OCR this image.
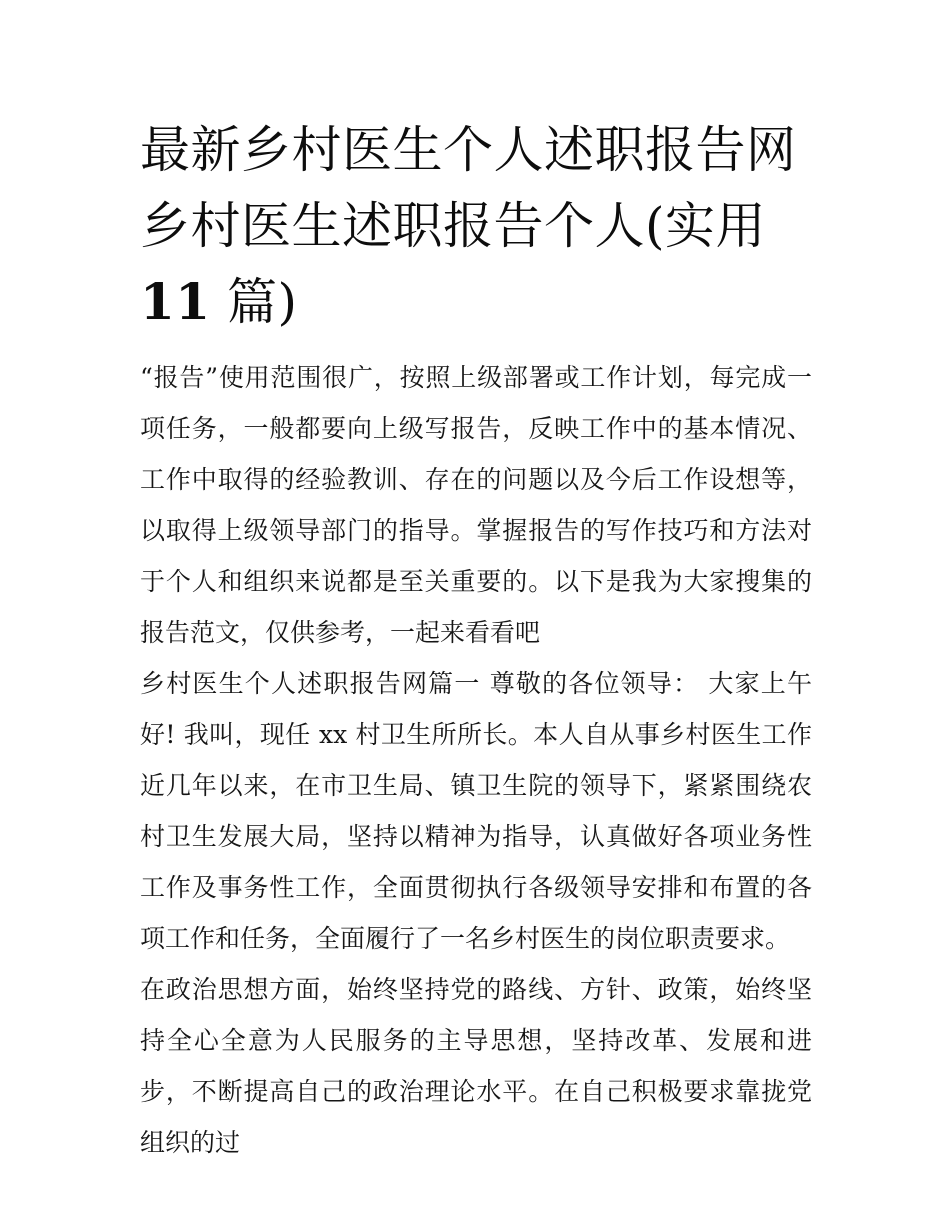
最新乡村医生个人述职报告网
乡村医生述职报告个人(实用
11 篇)

“报告”使用范围很广，按照上级部署或工作计划，每完成一项任务，一般都要向上级写报告，反映工作中的基本情况、工作中取得的经验教训、存在的问题以及今后工作设想等，以取得上级领导部门的指导。掌握报告的写作技巧和方法对于个人和组织来说都是至关重要的。以下是我为大家搜集的报告范文，仅供参考，一起来看看吧

乡村医生个人述职报告网篇一 尊敬的各位领导： 大家上午好! 我叫，现任 xx 村卫生所所长。本人自从事乡村医生工作近几年以来，在市卫生局、镇卫生院的领导下，紧紧围绕农村卫生发展大局，坚持以精神为指导，认真做好各项业务性工作及事务性工作，全面贯彻执行各级领导安排和布置的各项工作和任务，全面履行了一名乡村医生的岗位职责要求。

在政治思想方面，始终坚持党的路线、方针、政策，始终坚持全心全意为人民服务的主导思想，坚持改革、发展和进步，不断提高自己的政治理论水平。在自己积极要求靠拢党组织的过
